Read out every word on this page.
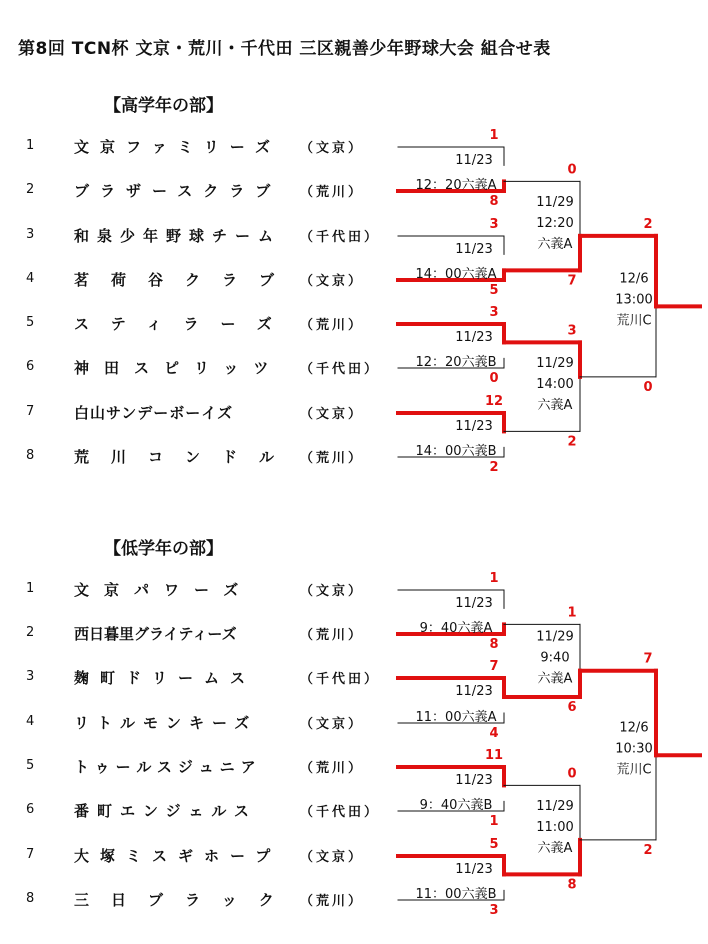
第8回 TCN杯 文京・荒川・千代田 三区親善少年野球大会 組合せ表
【高学年の部】
1	文京ファミリーズ	（文京）
2	ブラザースクラブ	（荒川）
3	和泉少年野球チーム	（千代田）
4	茗荷谷クラブ （文京）
5	スティラーズ （荒川）
6	神田スピリッツ	（千代田）
7	白山サンデーボーイズ	（文京）
8	荒川コンドル （荒川）
【低学年の部】
1	文京パワーズ	（文京）
2	西日暮里グライティーズ	（荒川）
3	麹町ドリームス	（千代田）
4	リトルモンキーズ	（文京）
5	トゥールスジュニア	（荒川）
6	番町エンジェルス	（千代田）
7	大塚ミスギホープ	（文京）
8	三日ブラック （荒川）
1
8
11/23
12：20六義A
3
5
11/23
14：00六義A
3
0
11/23
12：20六義B
12
2
11/23
14：00六義B
0
7
11/29
12:20
六義A
3
2
11/29
14:00
六義A
2
0
12/6
13:00
荒川C
1
8
11/23
9：40六義A
7
4
11/23
11：00六義A
11
1
11/23
9：40六義B
5
3
11/23
11：00六義B
1
6
11/29
9:40
六義A
0
8
11/29
11:00
六義A
7
2
12/6
10:30
荒川C
